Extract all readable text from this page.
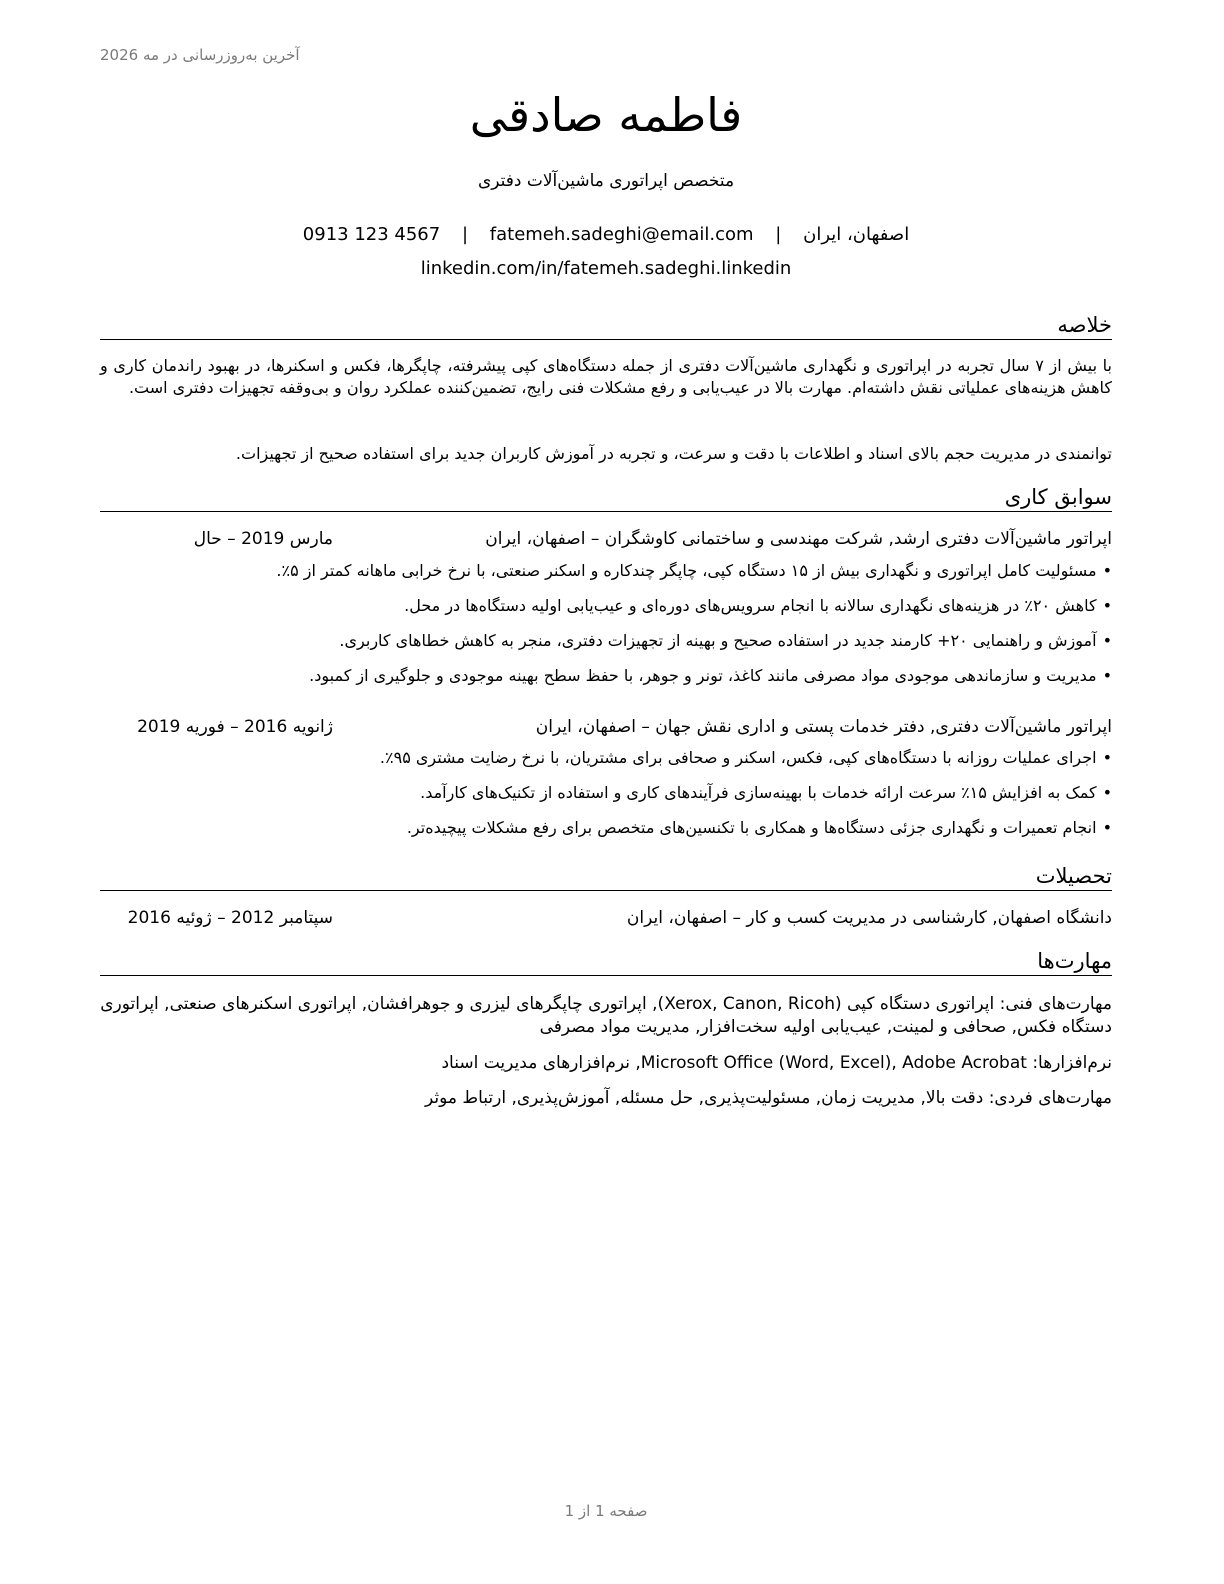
آخرین به‌روزرسانی در مه 2026
فاطمه صادقی
متخصص اپراتوری ماشین‌آلات دفتری
اصفهان، ایران | fatemeh.sadeghi@email.com | 0913 123 4567
linkedin.com/in/fatemeh.sadeghi.linkedin
خلاصه
با بیش از ۷ سال تجربه در اپراتوری و نگهداری ماشین‌آلات دفتری از جمله دستگاه‌های کپی پیشرفته، چاپگرها، فکس و اسکنرها، در بهبود راندمان کاری و کاهش هزینه‌های عملیاتی نقش داشته‌ام. مهارت بالا در عیب‌یابی و رفع مشکلات فنی رایج، تضمین‌کننده عملکرد روان و بی‌وقفه تجهیزات دفتری است.
توانمندی در مدیریت حجم بالای اسناد و اطلاعات با دقت و سرعت، و تجربه در آموزش کاربران جدید برای استفاده صحیح از تجهیزات.
سوابق کاری
اپراتور ماشین‌آلات دفتری ارشد, شرکت مهندسی و ساختمانی کاوشگران – اصفهان، ایران
مارس 2019 – حال
• مسئولیت کامل اپراتوری و نگهداری بیش از ۱۵ دستگاه کپی، چاپگر چندکاره و اسکنر صنعتی، با نرخ خرابی ماهانه کمتر از ۵٪.
• کاهش ۲۰٪ در هزینه‌های نگهداری سالانه با انجام سرویس‌های دوره‌ای و عیب‌یابی اولیه دستگاه‌ها در محل.
• آموزش و راهنمایی ۲۰+ کارمند جدید در استفاده صحیح و بهینه از تجهیزات دفتری، منجر به کاهش خطاهای کاربری.
• مدیریت و سازماندهی موجودی مواد مصرفی مانند کاغذ، تونر و جوهر، با حفظ سطح بهینه موجودی و جلوگیری از کمبود.
اپراتور ماشین‌آلات دفتری, دفتر خدمات پستی و اداری نقش جهان – اصفهان، ایران
ژانویه 2016 – فوریه 2019
• اجرای عملیات روزانه با دستگاه‌های کپی، فکس، اسکنر و صحافی برای مشتریان، با نرخ رضایت مشتری ۹۵٪.
• کمک به افزایش ۱۵٪ سرعت ارائه خدمات با بهینه‌سازی فرآیندهای کاری و استفاده از تکنیک‌های کارآمد.
• انجام تعمیرات و نگهداری جزئی دستگاه‌ها و همکاری با تکنسین‌های متخصص برای رفع مشکلات پیچیده‌تر.
تحصیلات
دانشگاه اصفهان, کارشناسی در مدیریت کسب و کار – اصفهان، ایران
سپتامبر 2012 – ژوئیه 2016
مهارت‌ها
مهارت‌های فنی: اپراتوری دستگاه کپی (Xerox, Canon, Ricoh), اپراتوری چاپگرهای لیزری و جوهرافشان, اپراتوری اسکنرهای صنعتی, اپراتوری دستگاه فکس, صحافی و لمینت, عیب‌یابی اولیه سخت‌افزار, مدیریت مواد مصرفی
نرم‌افزارها: Microsoft Office (Word, Excel), Adobe Acrobat, نرم‌افزارهای مدیریت اسناد
مهارت‌های فردی: دقت بالا, مدیریت زمان, مسئولیت‌پذیری, حل مسئله, آموزش‌پذیری, ارتباط موثر
صفحه 1 از 1
